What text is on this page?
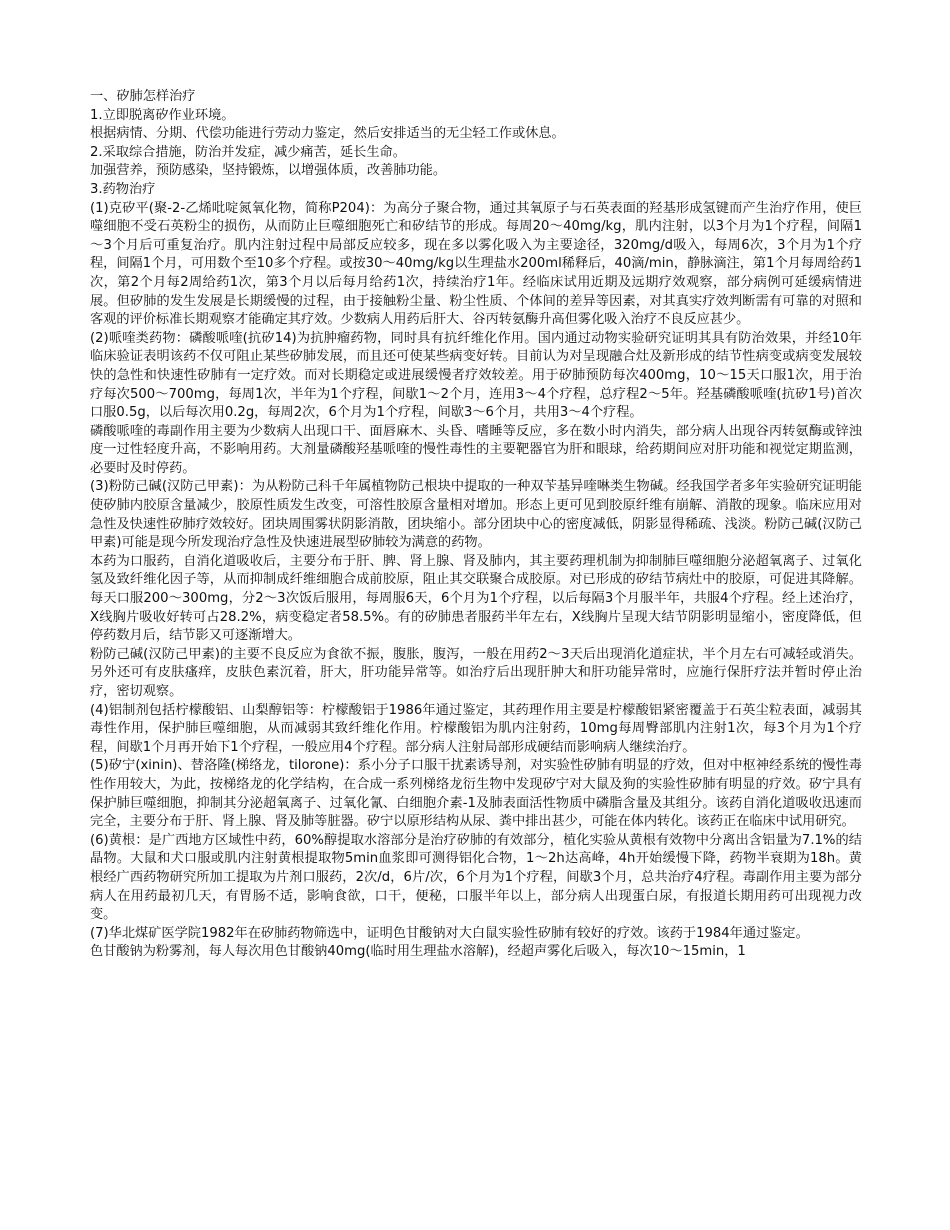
一、矽肺怎样治疗

1.立即脱离矽作业环境。

根据病情、分期、代偿功能进行劳动力鉴定，然后安排适当的无尘轻工作或休息。

2.采取综合措施，防治并发症，减少痛苦，延长生命。

加强营养，预防感染，坚持锻炼，以增强体质，改善肺功能。

3.药物治疗

(1)克矽平(聚-2-乙烯吡啶氮氧化物，简称P204)：为高分子聚合物，通过其氧原子与石英表面的羟基形成氢键而产生治疗作用，使巨噬细胞不受石英粉尘的损伤，从而防止巨噬细胞死亡和矽结节的形成。每周20～40mg/kg，肌内注射，以3个月为1个疗程，间隔1～3个月后可重复治疗。肌内注射过程中局部反应较多，现在多以雾化吸入为主要途径，320mg/d吸入，每周6次，3个月为1个疗程，间隔1个月，可用数个至10多个疗程。或按30～40mg/kg以生理盐水200ml稀释后，40滴/min，静脉滴注，第1个月每周给药1次，第2个月每2周给药1次，第3个月以后每月给药1次，持续治疗1年。经临床试用近期及远期疗效观察，部分病例可延缓病情进展。但矽肺的发生发展是长期缓慢的过程，由于接触粉尘量、粉尘性质、个体间的差异等因素，对其真实疗效判断需有可靠的对照和客观的评价标准长期观察才能确定其疗效。少数病人用药后肝大、谷丙转氨酶升高但雾化吸入治疗不良反应甚少。

(2)哌喹类药物：磷酸哌喹(抗矽14)为抗肿瘤药物，同时具有抗纤维化作用。国内通过动物实验研究证明其具有防治效果，并经10年临床验证表明该药不仅可阻止某些矽肺发展，而且还可使某些病变好转。目前认为对呈现融合灶及新形成的结节性病变或病变发展较快的急性和快速性矽肺有一定疗效。而对长期稳定或进展缓慢者疗效较差。用于矽肺预防每次400mg，10～15天口服1次，用于治疗每次500～700mg，每周1次，半年为1个疗程，间歇1～2个月，连用3～4个疗程，总疗程2～5年。羟基磷酸哌喹(抗矽1号)首次口服0.5g，以后每次用0.2g，每周2次，6个月为1个疗程，间歇3～6个月，共用3～4个疗程。

磷酸哌喹的毒副作用主要为少数病人出现口干、面唇麻木、头昏、嗜睡等反应，多在数小时内消失，部分病人出现谷丙转氨酶或锌浊度一过性轻度升高，不影响用药。大剂量磷酸羟基哌喹的慢性毒性的主要靶器官为肝和眼球，给药期间应对肝功能和视觉定期监测，必要时及时停药。

(3)粉防己碱(汉防己甲素)：为从粉防己科千年属植物防己根块中提取的一种双苄基异喹啉类生物碱。经我国学者多年实验研究证明能使矽肺内胶原含量减少，胶原性质发生改变，可溶性胶原含量相对增加。形态上更可见到胶原纤维有崩解、消散的现象。临床应用对急性及快速性矽肺疗效较好。团块周围雾状阴影消散，团块缩小。部分团块中心的密度减低，阴影显得稀疏、浅淡。粉防己碱(汉防己甲素)可能是现今所发现治疗急性及快速进展型矽肺较为满意的药物。

本药为口服药，自消化道吸收后，主要分布于肝、脾、肾上腺、肾及肺内，其主要药理机制为抑制肺巨噬细胞分泌超氧离子、过氧化氢及致纤维化因子等，从而抑制成纤维细胞合成前胶原，阻止其交联聚合成胶原。对已形成的矽结节病灶中的胶原，可促进其降解。每天口服200～300mg，分2～3次饭后服用，每周服6天，6个月为1个疗程，以后每隔3个月服半年，共服4个疗程。经上述治疗，X线胸片吸收好转可占28.2%，病变稳定者58.5%。有的矽肺患者服药半年左右，X线胸片呈现大结节阴影明显缩小，密度降低，但停药数月后，结节影又可逐渐增大。

粉防己碱(汉防己甲素)的主要不良反应为食欲不振，腹胀，腹泻，一般在用药2～3天后出现消化道症状，半个月左右可减轻或消失。另外还可有皮肤瘙痒，皮肤色素沉着，肝大，肝功能异常等。如治疗后出现肝肿大和肝功能异常时，应施行保肝疗法并暂时停止治疗，密切观察。

(4)铝制剂包括柠檬酸铝、山梨醇铝等：柠檬酸铝于1986年通过鉴定，其药理作用主要是柠檬酸铝紧密覆盖于石英尘粒表面，减弱其毒性作用，保护肺巨噬细胞，从而减弱其致纤维化作用。柠檬酸铝为肌内注射药，10mg每周臀部肌内注射1次，每3个月为1个疗程，间歇1个月再开始下1个疗程，一般应用4个疗程。部分病人注射局部形成硬结而影响病人继续治疗。

(5)矽宁(xinin)、替洛隆(梯络龙，tilorone)：系小分子口服干扰素诱导剂，对实验性矽肺有明显的疗效，但对中枢神经系统的慢性毒性作用较大，为此，按梯络龙的化学结构，在合成一系列梯络龙衍生物中发现矽宁对大鼠及狗的实验性矽肺有明显的疗效。矽宁具有保护肺巨噬细胞，抑制其分泌超氧离子、过氧化氰、白细胞介素-1及肺表面活性物质中磷脂含量及其组分。该药自消化道吸收迅速而完全，主要分布于肝、肾上腺、肾及肺等脏器。矽宁以原形结构从尿、粪中排出甚少，可能在体内转化。该药正在临床中试用研究。

(6)黄根：是广西地方区域性中药，60%醇提取水溶部分是治疗矽肺的有效部分，植化实验从黄根有效物中分离出含铝量为7.1%的结晶物。大鼠和犬口服或肌内注射黄根提取物5min血浆即可测得铝化合物，1～2h达高峰，4h开始缓慢下降，药物半衰期为18h。黄根经广西药物研究所加工提取为片剂口服药，2次/d，6片/次，6个月为1个疗程，间歇3个月，总共治疗4疗程。毒副作用主要为部分病人在用药最初几天，有胃肠不适，影响食欲，口干，便秘，口服半年以上，部分病人出现蛋白尿，有报道长期用药可出现视力改变。

(7)华北煤矿医学院1982年在矽肺药物筛选中，证明色甘酸钠对大白鼠实验性矽肺有较好的疗效。该药于1984年通过鉴定。

色甘酸钠为粉雾剂，每人每次用色甘酸钠40mg(临时用生理盐水溶解)，经超声雾化后吸入，每次10～15min，1
